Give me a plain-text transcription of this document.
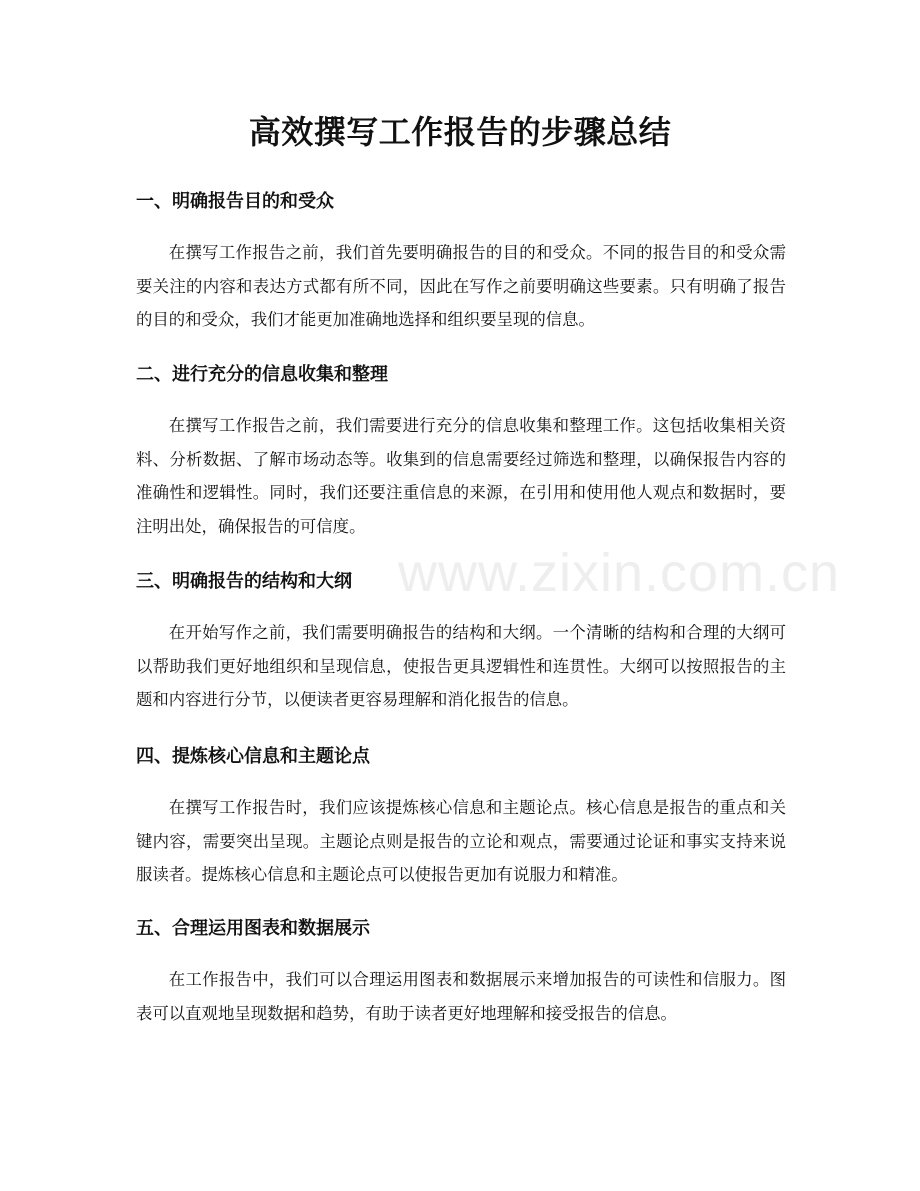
高效撰写工作报告的步骤总结
www.zixin.com.cn

一、明确报告目的和受众

在撰写工作报告之前，我们首先要明确报告的目的和受众。不同的报告目的和受众需要关注的内容和表达方式都有所不同，因此在写作之前要明确这些要素。只有明确了报告的目的和受众，我们才能更加准确地选择和组织要呈现的信息。

二、进行充分的信息收集和整理

在撰写工作报告之前，我们需要进行充分的信息收集和整理工作。这包括收集相关资料、分析数据、了解市场动态等。收集到的信息需要经过筛选和整理，以确保报告内容的准确性和逻辑性。同时，我们还要注重信息的来源，在引用和使用他人观点和数据时，要注明出处，确保报告的可信度。

三、明确报告的结构和大纲

在开始写作之前，我们需要明确报告的结构和大纲。一个清晰的结构和合理的大纲可以帮助我们更好地组织和呈现信息，使报告更具逻辑性和连贯性。大纲可以按照报告的主题和内容进行分节，以便读者更容易理解和消化报告的信息。

四、提炼核心信息和主题论点

在撰写工作报告时，我们应该提炼核心信息和主题论点。核心信息是报告的重点和关键内容，需要突出呈现。主题论点则是报告的立论和观点，需要通过论证和事实支持来说服读者。提炼核心信息和主题论点可以使报告更加有说服力和精准。

五、合理运用图表和数据展示

在工作报告中，我们可以合理运用图表和数据展示来增加报告的可读性和信服力。图表可以直观地呈现数据和趋势，有助于读者更好地理解和接受报告的信息。
